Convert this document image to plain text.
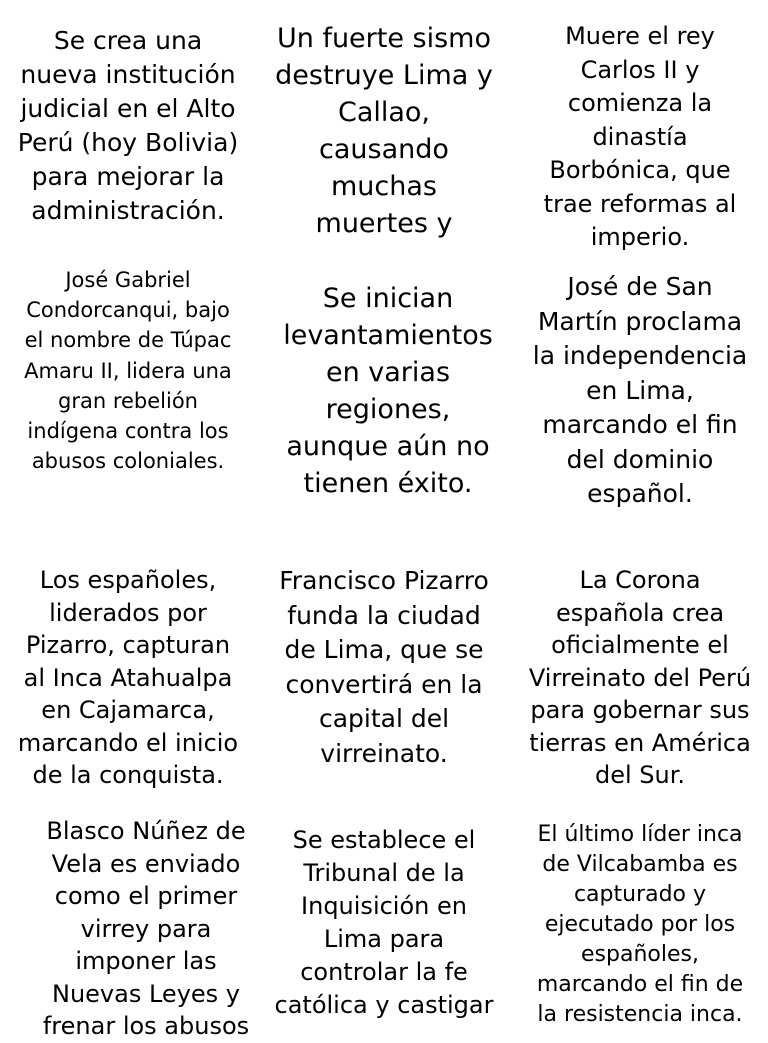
Se crea una
nueva institución
judicial en el Alto
Perú (hoy Bolivia)
para mejorar la
administración.

Un fuerte sismo
destruye Lima y
Callao,
causando
muchas
muertes y

Muere el rey
Carlos II y
comienza la
dinastía
Borbónica, que
trae reformas al
imperio.

José Gabriel
Condorcanqui, bajo
el nombre de Túpac
Amaru II, lidera una
gran rebelión
indígena contra los
abusos coloniales.

Se inician
levantamientos
en varias
regiones,
aunque aún no
tienen éxito.

José de San
Martín proclama
la independencia
en Lima,
marcando el fin
del dominio
español.

Los españoles,
liderados por
Pizarro, capturan
al Inca Atahualpa
en Cajamarca,
marcando el inicio
de la conquista.

Francisco Pizarro
funda la ciudad
de Lima, que se
convertirá en la
capital del
virreinato.

La Corona
española crea
oficialmente el
Virreinato del Perú
para gobernar sus
tierras en América
del Sur.

Blasco Núñez de
Vela es enviado
como el primer
virrey para
imponer las
Nuevas Leyes y
frenar los abusos

Se establece el
Tribunal de la
Inquisición en
Lima para
controlar la fe
católica y castigar

El último líder inca
de Vilcabamba es
capturado y
ejecutado por los
españoles,
marcando el fin de
la resistencia inca.
